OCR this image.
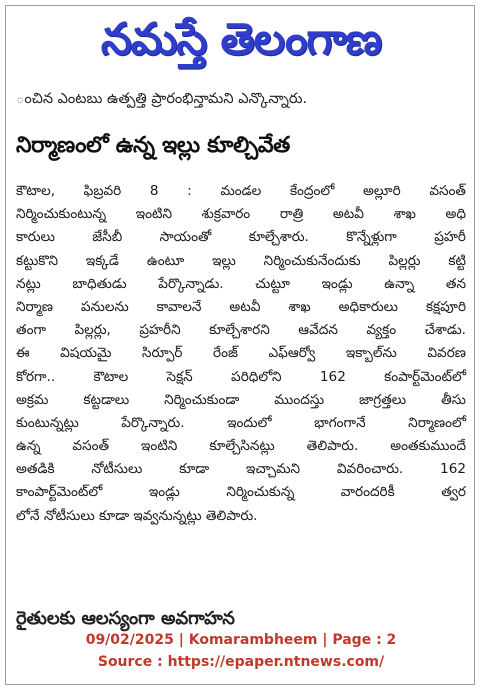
నమస్తే తెలంగాణ
ంచిన ఎంటబు ఉత్పత్తి ప్రారంభిన్తామని ఎన్కొన్నారు.
నిర్మాణంలో ఉన్న ఇల్లు కూల్చివేత
కౌటాల, ఫిబ్రవరి 8 : మండల కేంద్రంలో అల్లూరి వసంత్
నిర్మించుకుంటున్న ఇంటిని శుక్రవారం రాత్రి అటవీ శాఖ అధి
కారులు జేసీబీ సాయంతో కూల్చేశారు. కొన్నేళ్లుగా ప్రహరీ
కట్టుకొని ఇక్కడే ఉంటూ ఇల్లు నిర్మించుకునేందుకు పిల్లర్లు కట్టి
నట్లు బాధితుడు పేర్కొన్నాడు. చుట్టూ ఇండ్లు ఉన్నా తన
నిర్మాణ పనులను కావాలనే అటవీ శాఖ అధికారులు కక్షపూరి
తంగా పిల్లర్లు, ప్రహరీని కూల్చేశారని ఆవేదన వ్యక్తం చేశాడు.
ఈ విషయమై సిర్పూర్ రేంజ్ ఎఫ్ఆర్వో ఇక్బాల్‌ను వివరణ
కోరగా.. కౌటాల సెక్షన్ పరిధిలోని 162 కంపార్ట్‌మెంట్‌లో
అక్రమ కట్టడాలు నిర్మించుకుండా ముందస్తు జాగ్రత్తలు తీసు
కుంటున్నట్లు పేర్కొన్నారు. ఇందులో భాగంగానే నిర్మాణంలో
ఉన్న వసంత్ ఇంటిని కూల్చేసినట్లు తెలిపారు. అంతకుముందే
అతడికి నోటీసులు కూడా ఇచ్చామని వివరించారు. 162
కాంపార్ట్‌మెంట్‌లో ఇండ్లు నిర్మించుకున్న వారందరికీ త్వర
లోనే నోటీసులు కూడా ఇవ్వనున్నట్లు తెలిపారు.
రైతులకు ఆలస్యంగా అవగాహన
09/02/2025 | Komarambheem | Page : 2
Source : https://epaper.ntnews.com/
